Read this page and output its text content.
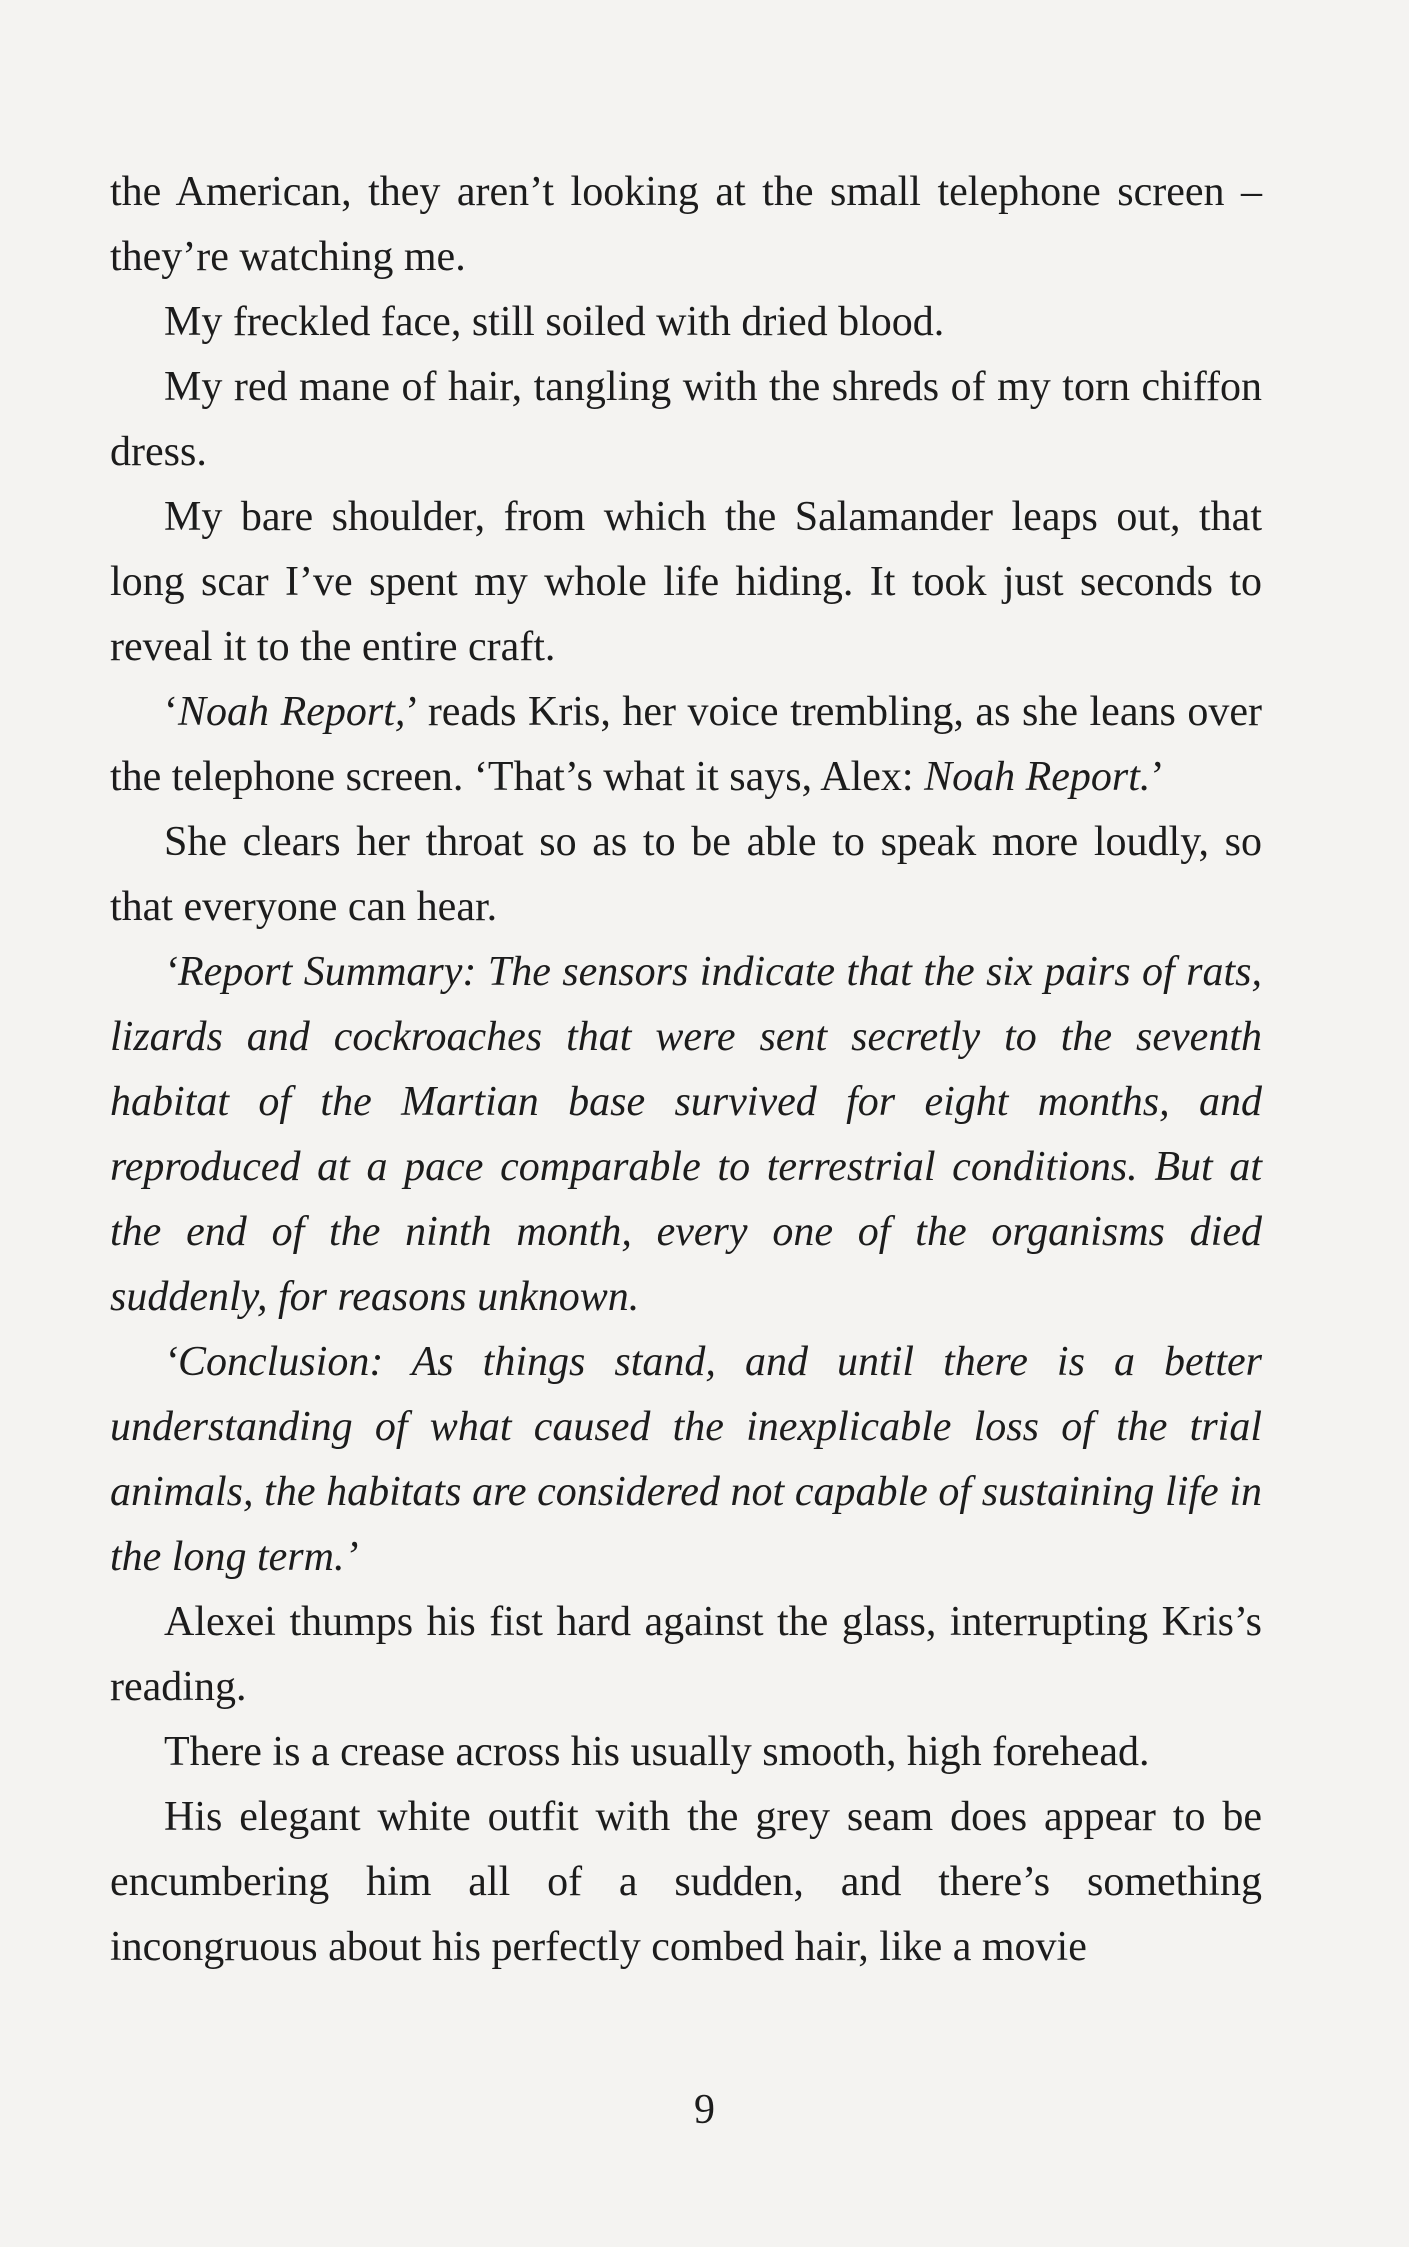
the American, they aren’t looking at the small telephone screen – they’re watching me.

My freckled face, still soiled with dried blood.

My red mane of hair, tangling with the shreds of my torn chiffon dress.

My bare shoulder, from which the Salamander leaps out, that long scar I’ve spent my whole life hiding. It took just seconds to reveal it to the entire craft.

‘Noah Report,’ reads Kris, her voice trembling, as she leans over the telephone screen. ‘That’s what it says, Alex: Noah Report.’

She clears her throat so as to be able to speak more loudly, so that everyone can hear.

‘Report Summary: The sensors indicate that the six pairs of rats, lizards and cockroaches that were sent secretly to the seventh habitat of the Martian base survived for eight months, and reproduced at a pace comparable to terrestrial conditions. But at the end of the ninth month, every one of the organisms died suddenly, for reasons unknown.

‘Conclusion: As things stand, and until there is a better understanding of what caused the inexplicable loss of the trial animals, the habitats are considered not capable of sustaining life in the long term.’

Alexei thumps his fist hard against the glass, interrupting Kris’s reading.

There is a crease across his usually smooth, high forehead.

His elegant white outfit with the grey seam does appear to be encumbering him all of a sudden, and there’s something incongruous about his perfectly combed hair, like a movie

9
